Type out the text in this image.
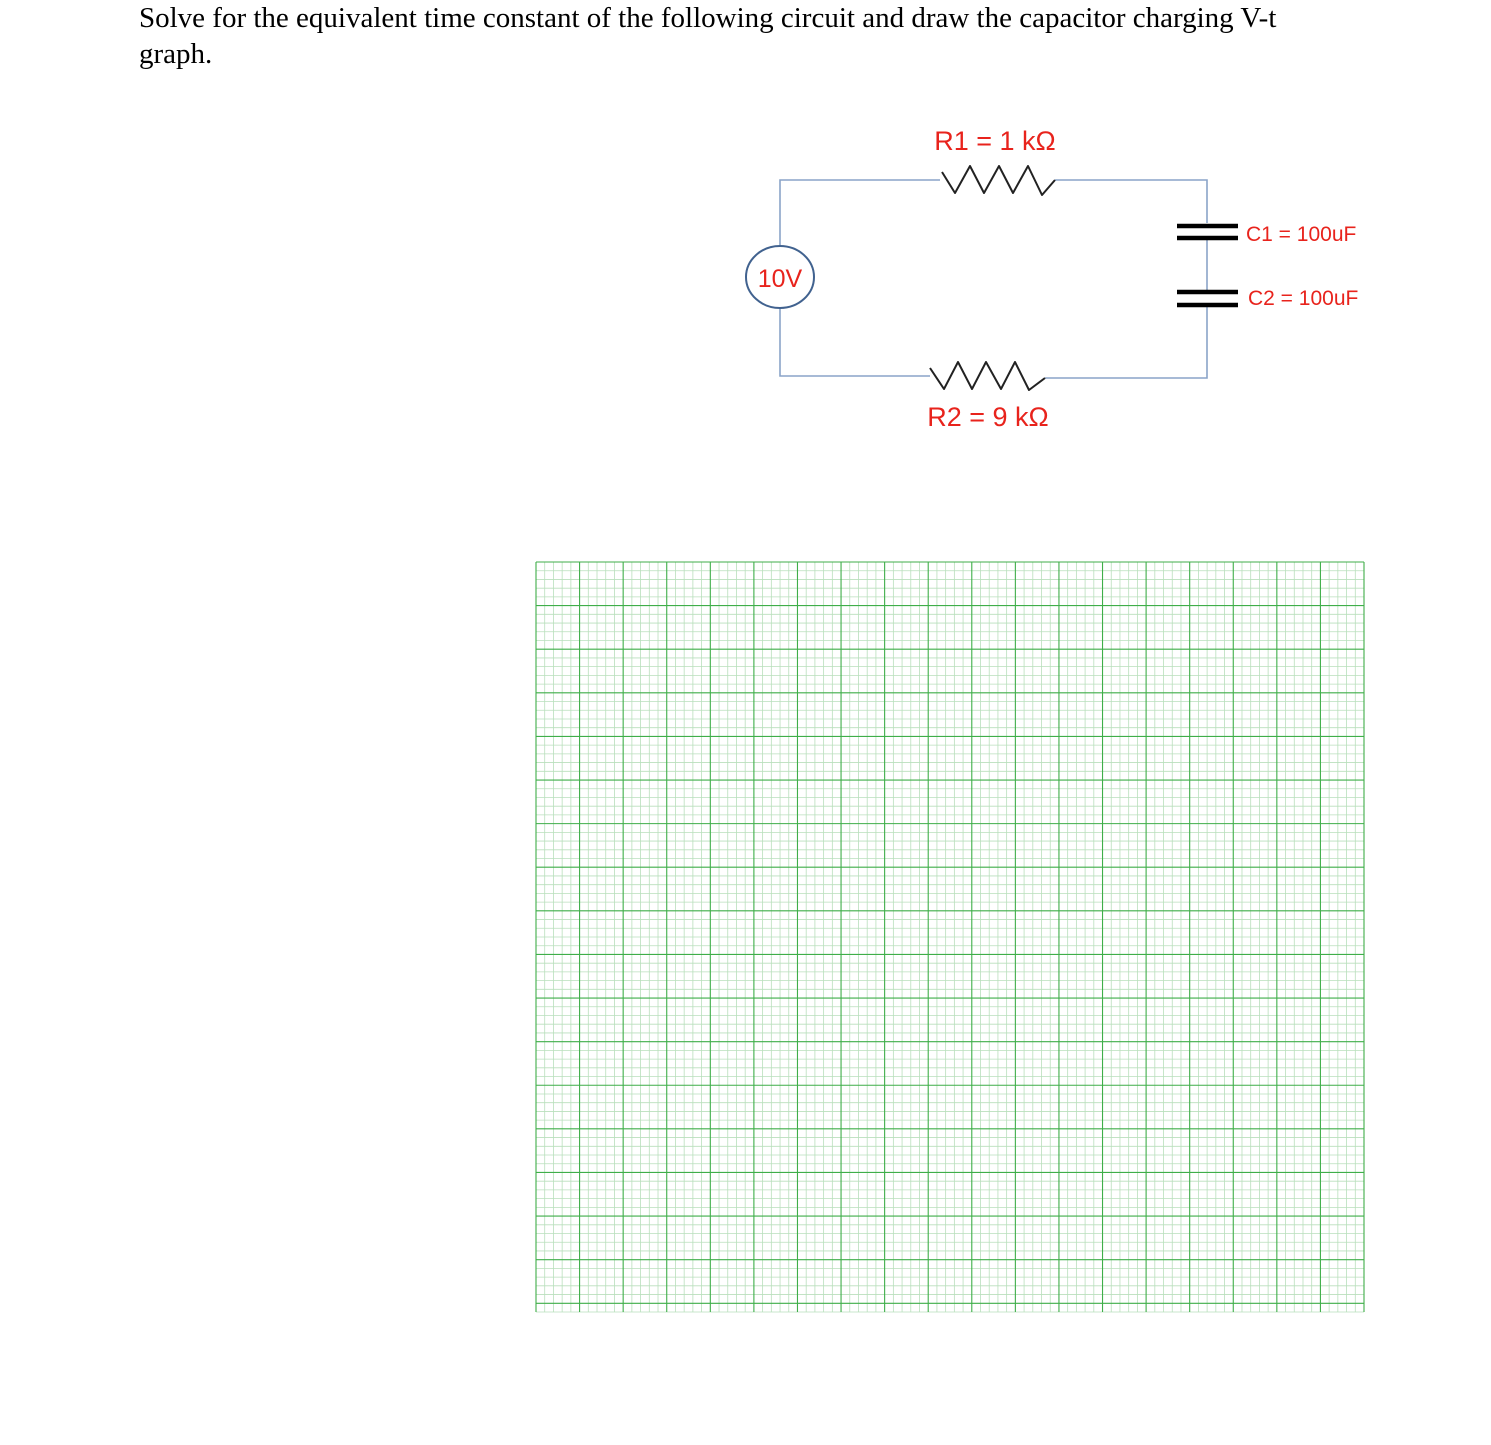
Solve for the equivalent time constant of the following circuit and draw the capacitor charging V-t
graph.
R1 = 1 kΩ
R2 = 9 kΩ
10V
C1 = 100uF
C2 = 100uF
